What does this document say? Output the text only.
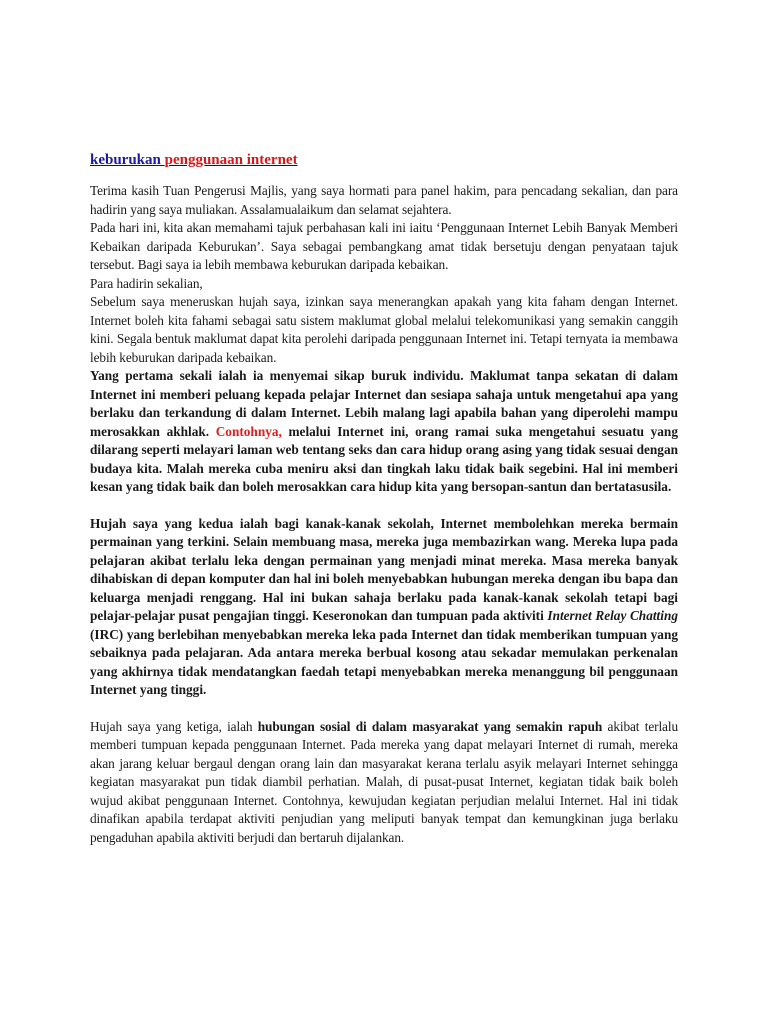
keburukan penggunaan internet

Terima kasih Tuan Pengerusi Majlis, yang saya hormati para panel hakim, para pencadang sekalian, dan para hadirin yang saya muliakan. Assalamualaikum dan selamat sejahtera.

Pada hari ini, kita akan memahami tajuk perbahasan kali ini iaitu ‘Penggunaan Internet Lebih Banyak Memberi Kebaikan daripada Keburukan’. Saya sebagai pembangkang amat tidak bersetuju dengan penyataan tajuk tersebut. Bagi saya ia lebih membawa keburukan daripada kebaikan.

Para hadirin sekalian,

Sebelum saya meneruskan hujah saya, izinkan saya menerangkan apakah yang kita faham dengan Internet. Internet boleh kita fahami sebagai satu sistem maklumat global melalui telekomunikasi yang semakin canggih kini. Segala bentuk maklumat dapat kita perolehi daripada penggunaan Internet ini. Tetapi ternyata ia membawa lebih keburukan daripada kebaikan.

Yang pertama sekali ialah ia menyemai sikap buruk individu. Maklumat tanpa sekatan di dalam Internet ini memberi peluang kepada pelajar Internet dan sesiapa sahaja untuk mengetahui apa yang berlaku dan terkandung di dalam Internet. Lebih malang lagi apabila bahan yang diperolehi mampu merosakkan akhlak. Contohnya, melalui Internet ini, orang ramai suka mengetahui sesuatu yang dilarang seperti melayari laman web tentang seks dan cara hidup orang asing yang tidak sesuai dengan budaya kita. Malah mereka cuba meniru aksi dan tingkah laku tidak baik segebini. Hal ini memberi kesan yang tidak baik dan boleh merosakkan cara hidup kita yang bersopan-santun dan bertatasusila.

Hujah saya yang kedua ialah bagi kanak-kanak sekolah, Internet membolehkan mereka bermain permainan yang terkini. Selain membuang masa, mereka juga membazirkan wang. Mereka lupa pada pelajaran akibat terlalu leka dengan permainan yang menjadi minat mereka. Masa mereka banyak dihabiskan di depan komputer dan hal ini boleh menyebabkan hubungan mereka dengan ibu bapa dan keluarga menjadi renggang. Hal ini bukan sahaja berlaku pada kanak-kanak sekolah tetapi bagi pelajar-pelajar pusat pengajian tinggi. Keseronokan dan tumpuan pada aktiviti Internet Relay Chatting (IRC) yang berlebihan menyebabkan mereka leka pada Internet dan tidak memberikan tumpuan yang sebaiknya pada pelajaran. Ada antara mereka berbual kosong atau sekadar memulakan perkenalan yang akhirnya tidak mendatangkan faedah tetapi menyebabkan mereka menanggung bil penggunaan Internet yang tinggi.

Hujah saya yang ketiga, ialah hubungan sosial di dalam masyarakat yang semakin rapuh akibat terlalu memberi tumpuan kepada penggunaan Internet. Pada mereka yang dapat melayari Internet di rumah, mereka akan jarang keluar bergaul dengan orang lain dan masyarakat kerana terlalu asyik melayari Internet sehingga kegiatan masyarakat pun tidak diambil perhatian. Malah, di pusat-pusat Internet, kegiatan tidak baik boleh wujud akibat penggunaan Internet. Contohnya, kewujudan kegiatan perjudian melalui Internet. Hal ini tidak dinafikan apabila terdapat aktiviti penjudian yang meliputi banyak tempat dan kemungkinan juga berlaku pengaduhan apabila aktiviti berjudi dan bertaruh dijalankan.
